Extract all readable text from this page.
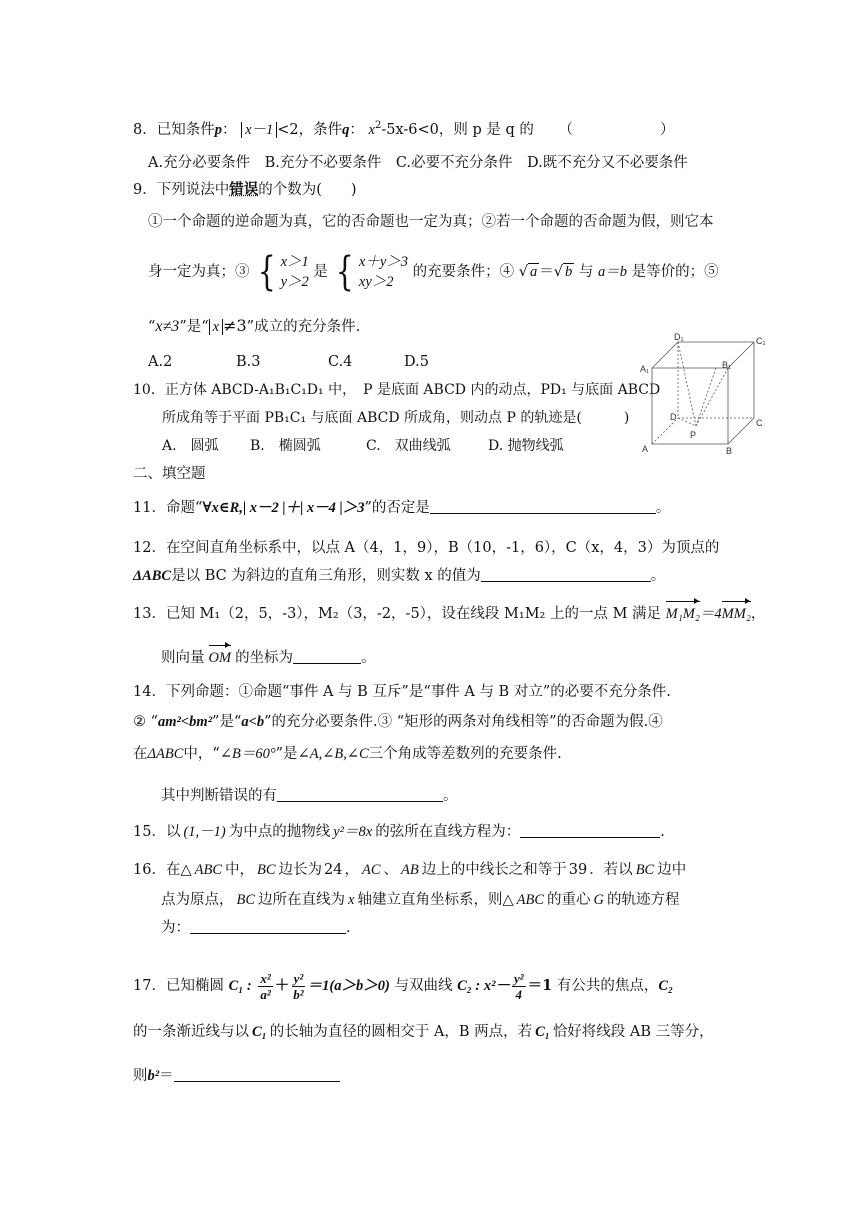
8．已知条件p： x－1 <2，条件q： $x^2-5x-6<0$，则 p 是 q 的 （　　　　　　）
A.充分必要条件　B.充分不必要条件　C.必要不充分条件　D.既不充分又不必要条件
9．下列说法中错误的个数为(　　)
①一个命题的逆命题为真，它的否命题也一定为真；②若一个命题的否命题为假，则它本
身一定为真；③ { x＞1
y＞2
是 { x＋y＞3
xy＞2
的充要条件；④ √ a ＝√ b 与 a＝b 是等价的；⑤
“x≠3”是“ x ≠3”成立的充分条件.
A.2	B.3	C.4	D.5
10．正方体 ABCD-A₁B₁C₁D₁ 中，　P 是底面 ABCD 内的动点，PD₁ 与底面 ABCD
所成角等于平面 PB₁C₁ 与底面 ABCD 所成角，则动点 P 的轨迹是(　　　)
A.　圆弧 B.　椭圆弧	C.　双曲线弧	D. 抛物线弧
D₁	C₁
A₁	B₁
D
C
P
A	B
二、填空题
11．命题“∀x∈R,| x－2 |＋| x－4 |＞3”的否定是	。
12．在空间直角坐标系中，以点 A（4，1，9），B（10，-1，6），C（x，4，3）为顶点的
ΔABC是以 BC 为斜边的直角三角形，则实数 x 的值为	。
13．已知 M₁（2，5，-3），M₂（3，-2，-5），设在线段 M₁M₂ 上的一点 M 满足 M₁M₂＝4MM₂，
则向量 OM 的坐标为	。
14．下列命题：①命题“事件 A 与 B 互斥”是“事件 A 与 B 对立”的必要不充分条件.
② “am²<bm²”是“a<b”的充分必要条件.③ “矩形的两条对角线相等”的否命题为假.④
在ΔABC中，“∠B＝60°”是∠A,∠B,∠C三个角成等差数列的充要条件.
其中判断错误的有	。
15．以 (1,－1) 为中点的抛物线 y²＝8x 的弦所在直线方程为：	.
16．在△ ABC 中， BC 边长为 24 ， AC 、 AB 边上的中线长之和等于 39 ．若以 BC 边中
点为原点， BC 边所在直线为 x 轴建立直角坐标系，则△ ABC 的重心 G 的轨迹方程
为：	.
17．已知椭圆 C₁ : $\frac{\text{x²}}{\text{a²}} + \frac{\text{y²}}{\text{b²}} =1(a>b>0)$ 与双曲线 C₂ : $x^2- \frac{\text{y²}}{4} =1$ 有公共的焦点，C₂
的一条渐近线与以 C₁ 的长轴为直径的圆相交于 A，B 两点，若 C₁ 恰好将线段 AB 三等分，
则b²＝
